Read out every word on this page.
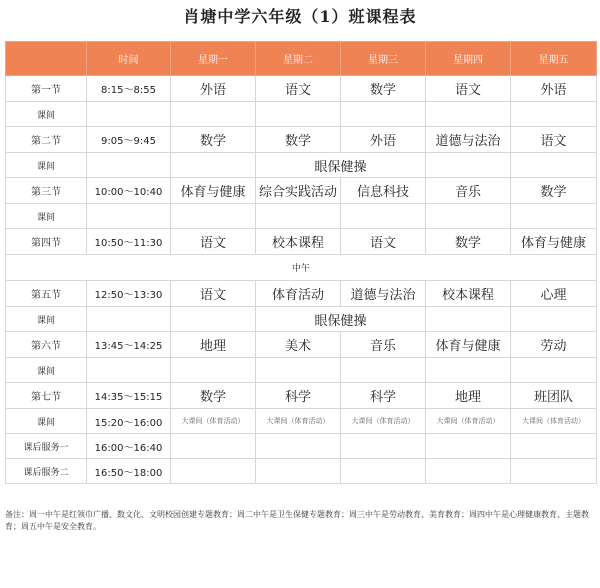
肖塘中学六年级（1）班课程表
	时间	星期一	星期二	星期三	星期四	星期五
第一节	8:15～8:55	外语	语文	数学	语文	外语
课间						
第二节	9:05～9:45	数学	数学	外语	道德与法治	语文
课间			眼保健操			
第三节	10:00～10:40	体育与健康	综合实践活动	信息科技	音乐	数学
课间						
第四节	10:50～11:30	语文	校本课程	语文	数学	体育与健康
中午						
第五节	12:50～13:30	语文	体育活动	道德与法治	校本课程	心理
课间			眼保健操			
第六节	13:45～14:25	地理	美术	音乐	体育与健康	劳动
课间						
第七节	14:35～15:15	数学	科学	科学	地理	班团队
课间	15:20～16:00	大课间（体育活动）	大课间（体育活动）	大课间（体育活动）	大课间（体育活动）	大课间（体育活动）
课后服务一	16:00～16:40					
课后服务二	16:50～18:00					
备注：周一中午是红领巾广播、数文化、文明校园创建专题教育；周二中午是卫生保健专题教育；周三中午是劳动教育、美育教育；周四中午是心理健康教育、主题教育；周五中午是安全教育。
